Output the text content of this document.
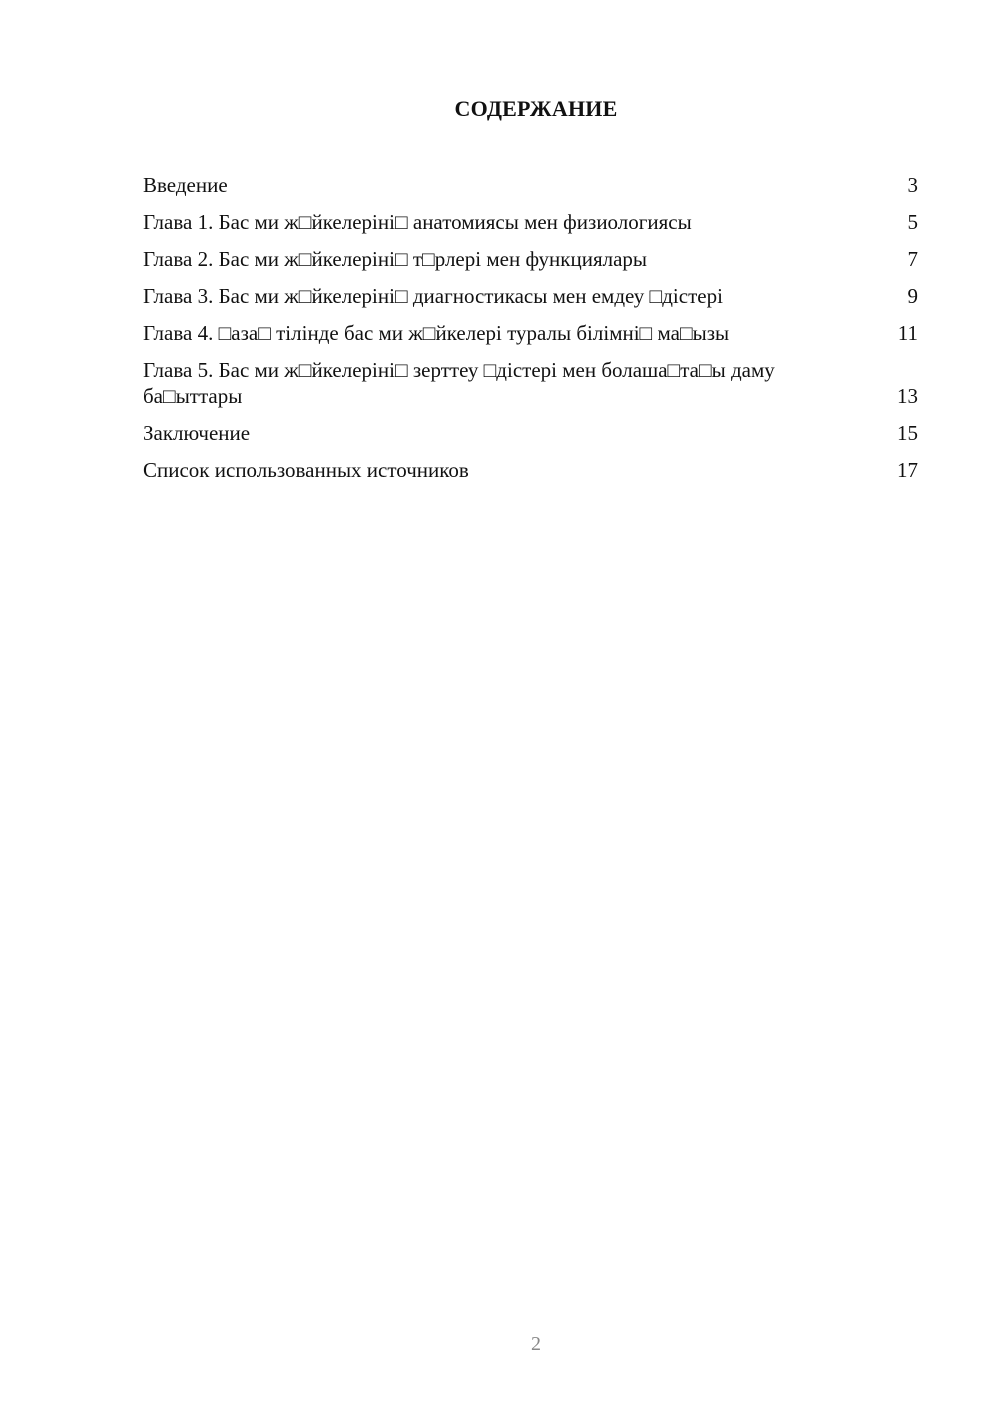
СОДЕРЖАНИЕ
Введение	3
Глава 1. Бас ми ж□йкелеріні□ анатомиясы мен физиологиясы	5
Глава 2. Бас ми ж□йкелеріні□ т□рлері мен функциялары	7
Глава 3. Бас ми ж□йкелеріні□ диагностикасы мен емдеу □дістері	9
Глава 4. □аза□ тілінде бас ми ж□йкелері туралы білімні□ ма□ызы	11
Глава 5. Бас ми ж□йкелеріні□ зерттеу □дістері мен болаша□та□ы даму ба□ыттары	13
Заключение	15
Список использованных источников	17
2
